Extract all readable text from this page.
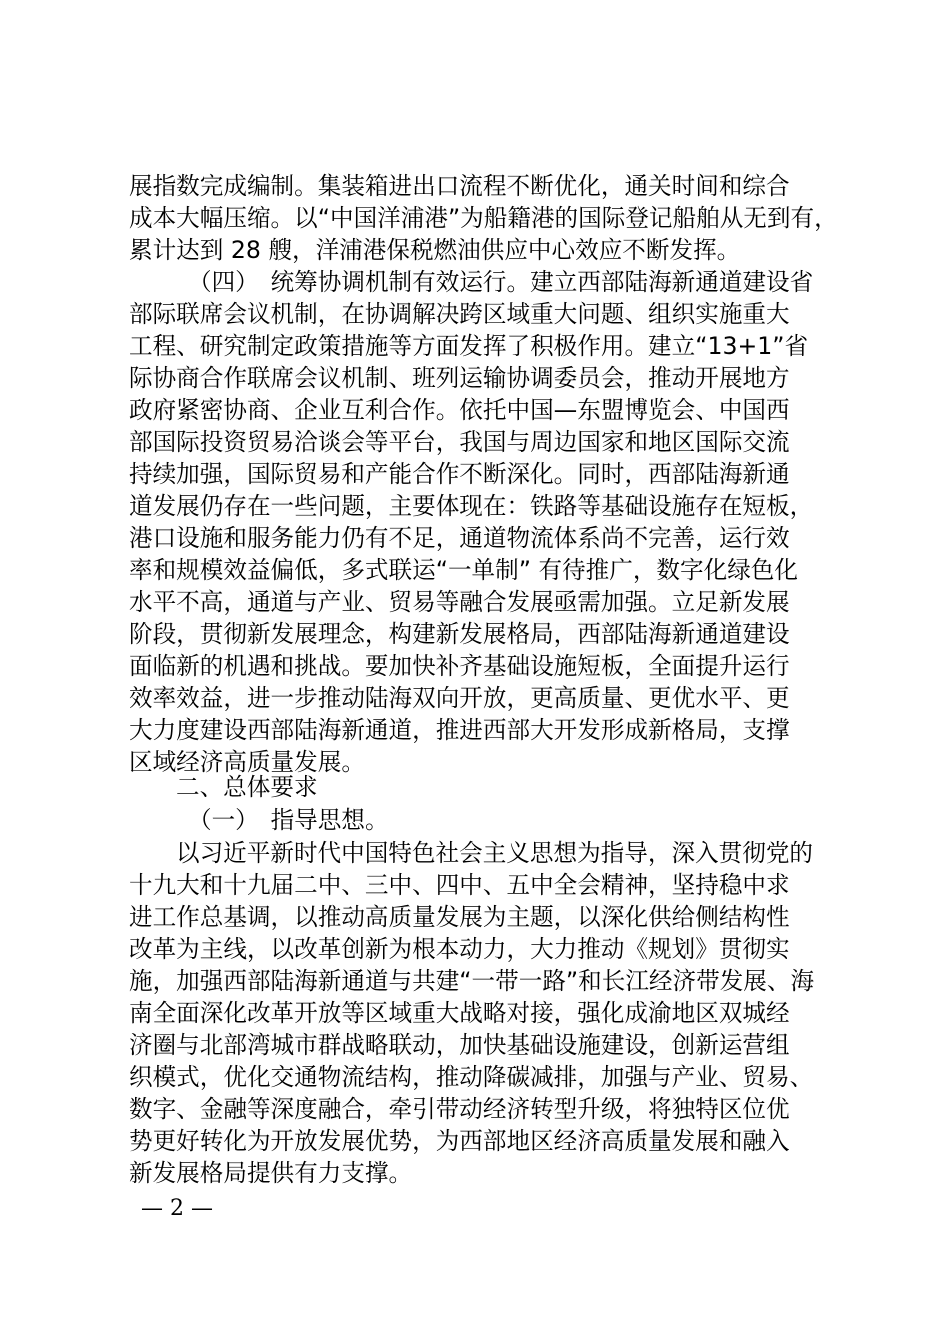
展指数完成编制。集装箱进出口流程不断优化，通关时间和综合
成本大幅压缩。以“中国洋浦港”为船籍港的国际登记船舶从无到有，
累计达到 28 艘，洋浦港保税燃油供应中心效应不断发挥。
（四）　统筹协调机制有效运行。建立西部陆海新通道建设省
部际联席会议机制，在协调解决跨区域重大问题、组织实施重大
工程、研究制定政策措施等方面发挥了积极作用。建立“13+1”省
际协商合作联席会议机制、班列运输协调委员会，推动开展地方
政府紧密协商、企业互利合作。依托中国—东盟博览会、中国西
部国际投资贸易洽谈会等平台，我国与周边国家和地区国际交流
持续加强，国际贸易和产能合作不断深化。同时，西部陆海新通
道发展仍存在一些问题，主要体现在：铁路等基础设施存在短板，
港口设施和服务能力仍有不足，通道物流体系尚不完善，运行效
率和规模效益偏低，多式联运“一单制” 有待推广，数字化绿色化
水平不高，通道与产业、贸易等融合发展亟需加强。立足新发展
阶段，贯彻新发展理念，构建新发展格局，西部陆海新通道建设
面临新的机遇和挑战。要加快补齐基础设施短板，全面提升运行
效率效益，进一步推动陆海双向开放，更高质量、更优水平、更
大力度建设西部陆海新通道，推进西部大开发形成新格局，支撑
区域经济高质量发展。
二、总体要求
（一）　指导思想。
以习近平新时代中国特色社会主义思想为指导，深入贯彻党的
十九大和十九届二中、三中、四中、五中全会精神，坚持稳中求
进工作总基调，以推动高质量发展为主题，以深化供给侧结构性
改革为主线，以改革创新为根本动力，大力推动《规划》贯彻实
施，加强西部陆海新通道与共建“一带一路”和长江经济带发展、海
南全面深化改革开放等区域重大战略对接，强化成渝地区双城经
济圈与北部湾城市群战略联动，加快基础设施建设，创新运营组
织模式，优化交通物流结构，推动降碳减排，加强与产业、贸易、
数字、金融等深度融合，牵引带动经济转型升级，将独特区位优
势更好转化为开放发展优势，为西部地区经济高质量发展和融入
新发展格局提供有力支撑。
— 2 —
